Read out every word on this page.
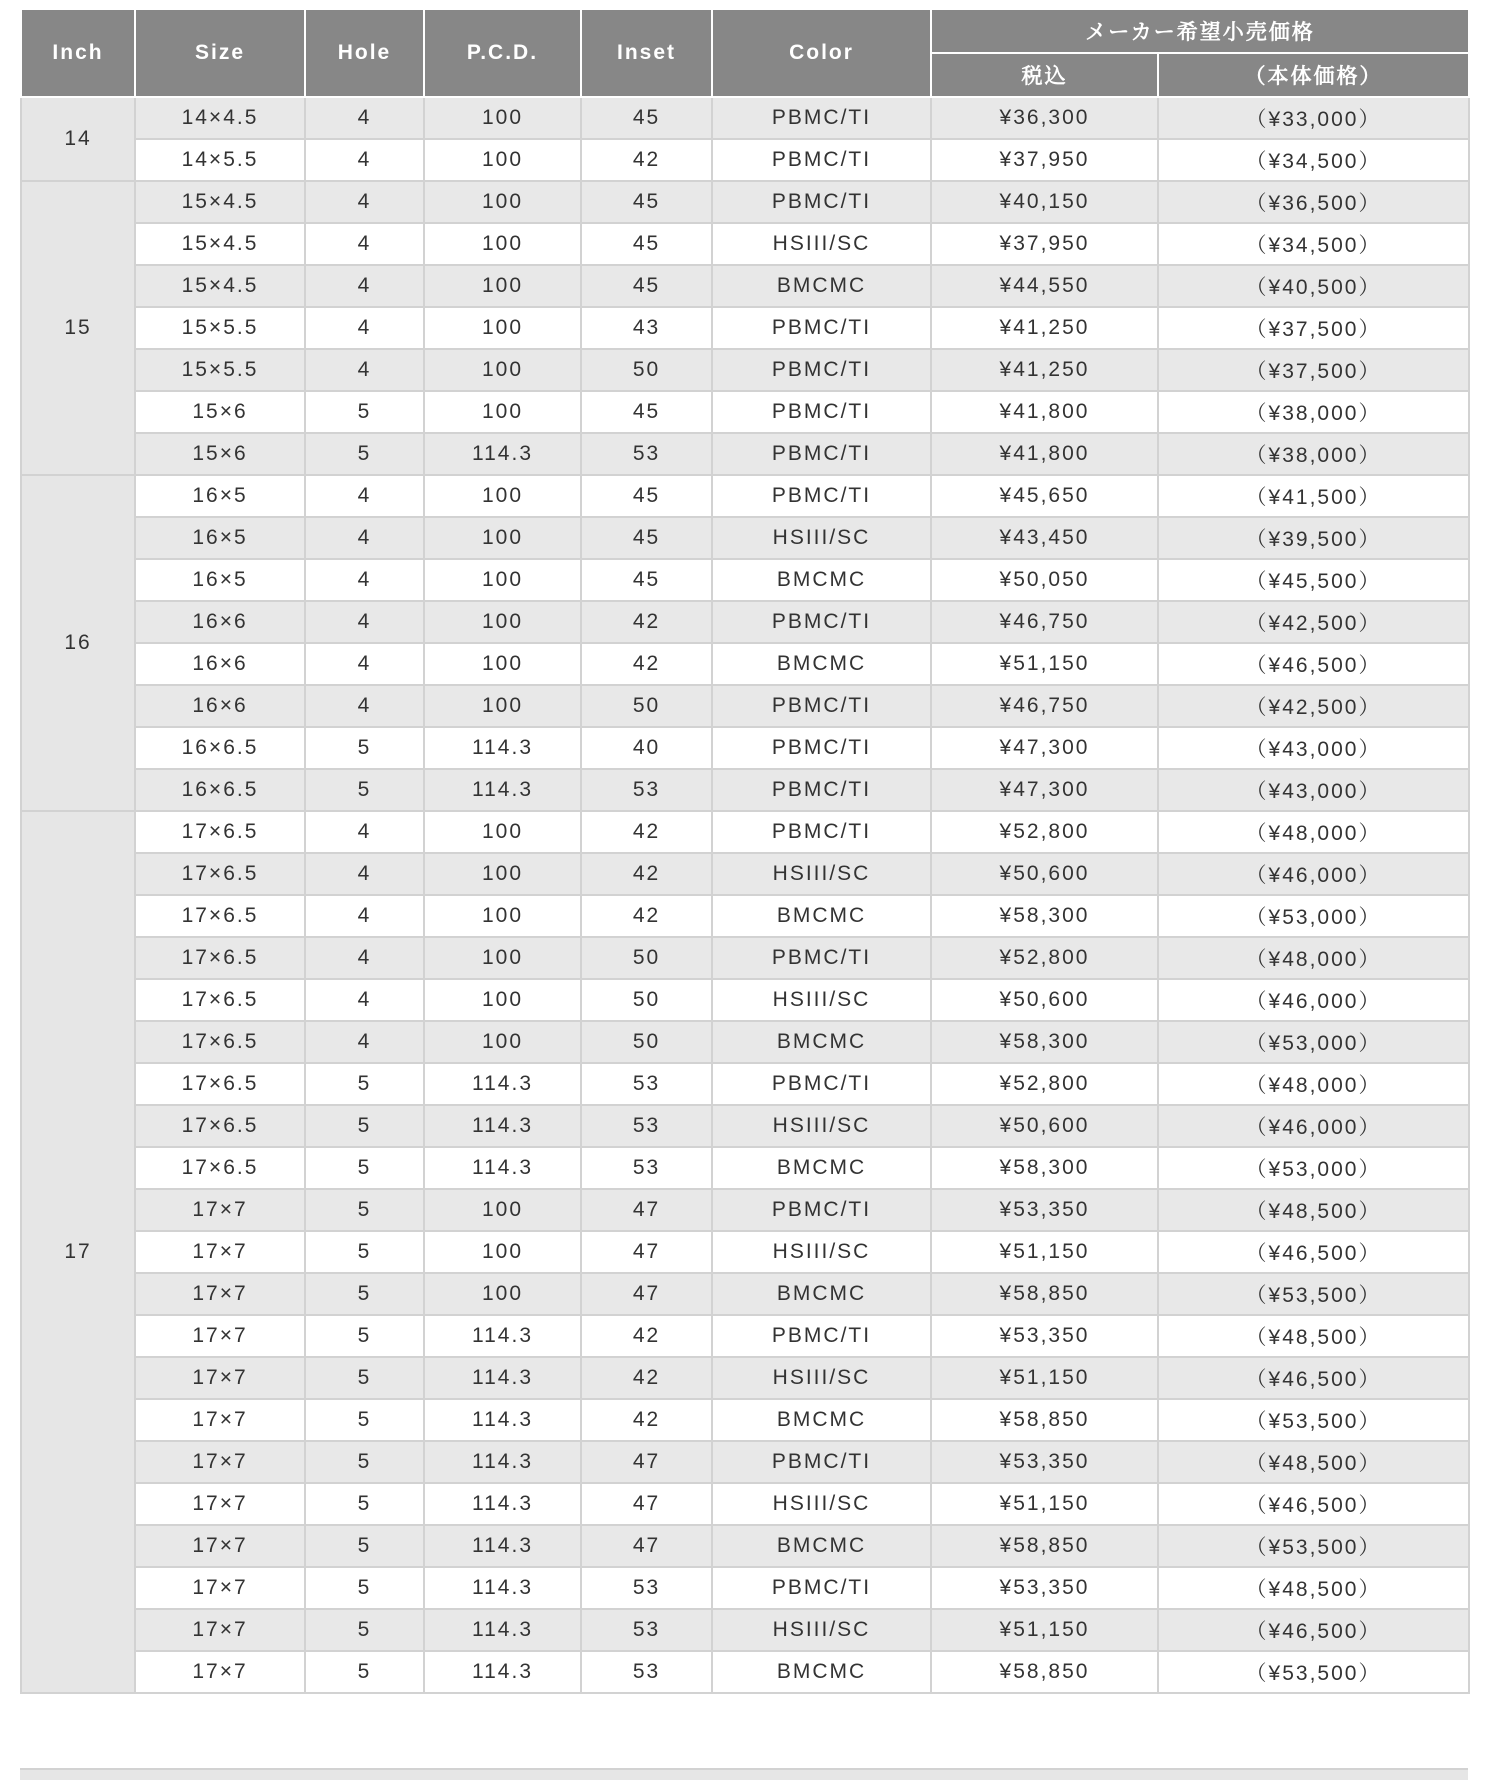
Inch	Size	Hole	P.C.D.	Inset	Color	メーカー希望小売価格	
						税込	（本体価格）
14	14×4.5	4	100	45	PBMC/TI	¥36,300	（¥33,000）
	14×5.5	4	100	42	PBMC/TI	¥37,950	（¥34,500）
15	15×4.5	4	100	45	PBMC/TI	¥40,150	（¥36,500）
	15×4.5	4	100	45	HSIII/SC	¥37,950	（¥34,500）
	15×4.5	4	100	45	BMCMC	¥44,550	（¥40,500）
	15×5.5	4	100	43	PBMC/TI	¥41,250	（¥37,500）
	15×5.5	4	100	50	PBMC/TI	¥41,250	（¥37,500）
	15×6	5	100	45	PBMC/TI	¥41,800	（¥38,000）
	15×6	5	114.3	53	PBMC/TI	¥41,800	（¥38,000）
16	16×5	4	100	45	PBMC/TI	¥45,650	（¥41,500）
	16×5	4	100	45	HSIII/SC	¥43,450	（¥39,500）
	16×5	4	100	45	BMCMC	¥50,050	（¥45,500）
	16×6	4	100	42	PBMC/TI	¥46,750	（¥42,500）
	16×6	4	100	42	BMCMC	¥51,150	（¥46,500）
	16×6	4	100	50	PBMC/TI	¥46,750	（¥42,500）
	16×6.5	5	114.3	40	PBMC/TI	¥47,300	（¥43,000）
	16×6.5	5	114.3	53	PBMC/TI	¥47,300	（¥43,000）
17	17×6.5	4	100	42	PBMC/TI	¥52,800	（¥48,000）
	17×6.5	4	100	42	HSIII/SC	¥50,600	（¥46,000）
	17×6.5	4	100	42	BMCMC	¥58,300	（¥53,000）
	17×6.5	4	100	50	PBMC/TI	¥52,800	（¥48,000）
	17×6.5	4	100	50	HSIII/SC	¥50,600	（¥46,000）
	17×6.5	4	100	50	BMCMC	¥58,300	（¥53,000）
	17×6.5	5	114.3	53	PBMC/TI	¥52,800	（¥48,000）
	17×6.5	5	114.3	53	HSIII/SC	¥50,600	（¥46,000）
	17×6.5	5	114.3	53	BMCMC	¥58,300	（¥53,000）
	17×7	5	100	47	PBMC/TI	¥53,350	（¥48,500）
	17×7	5	100	47	HSIII/SC	¥51,150	（¥46,500）
	17×7	5	100	47	BMCMC	¥58,850	（¥53,500）
	17×7	5	114.3	42	PBMC/TI	¥53,350	（¥48,500）
	17×7	5	114.3	42	HSIII/SC	¥51,150	（¥46,500）
	17×7	5	114.3	42	BMCMC	¥58,850	（¥53,500）
	17×7	5	114.3	47	PBMC/TI	¥53,350	（¥48,500）
	17×7	5	114.3	47	HSIII/SC	¥51,150	（¥46,500）
	17×7	5	114.3	47	BMCMC	¥58,850	（¥53,500）
	17×7	5	114.3	53	PBMC/TI	¥53,350	（¥48,500）
	17×7	5	114.3	53	HSIII/SC	¥51,150	（¥46,500）
	17×7	5	114.3	53	BMCMC	¥58,850	（¥53,500）
